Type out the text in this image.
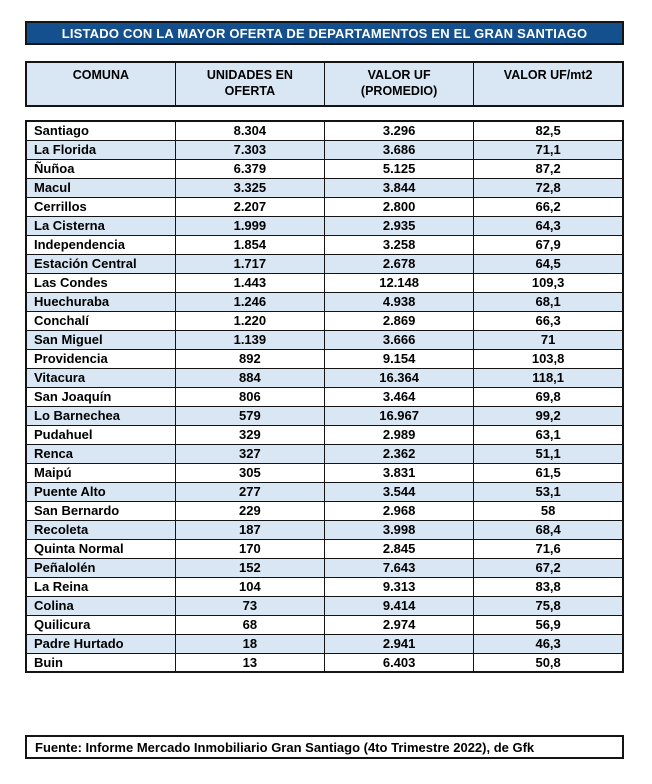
LISTADO CON LA MAYOR OFERTA DE DEPARTAMENTOS EN EL GRAN SANTIAGO
COMUNA	UNIDADES EN OFERTA	VALOR UF (PROMEDIO)	VALOR UF/mt2
Santiago	8.304	3.296	82,5
La Florida	7.303	3.686	71,1
Ñuñoa	6.379	5.125	87,2
Macul	3.325	3.844	72,8
Cerrillos	2.207	2.800	66,2
La Cisterna	1.999	2.935	64,3
Independencia	1.854	3.258	67,9
Estación Central	1.717	2.678	64,5
Las Condes	1.443	12.148	109,3
Huechuraba	1.246	4.938	68,1
Conchalí	1.220	2.869	66,3
San Miguel	1.139	3.666	71
Providencia	892	9.154	103,8
Vitacura	884	16.364	118,1
San Joaquín	806	3.464	69,8
Lo Barnechea	579	16.967	99,2
Pudahuel	329	2.989	63,1
Renca	327	2.362	51,1
Maipú	305	3.831	61,5
Puente Alto	277	3.544	53,1
San Bernardo	229	2.968	58
Recoleta	187	3.998	68,4
Quinta Normal	170	2.845	71,6
Peñalolén	152	7.643	67,2
La Reina	104	9.313	83,8
Colina	73	9.414	75,8
Quilicura	68	2.974	56,9
Padre Hurtado	18	2.941	46,3
Buin	13	6.403	50,8
Fuente: Informe Mercado Inmobiliario Gran Santiago (4to Trimestre 2022), de Gfk
